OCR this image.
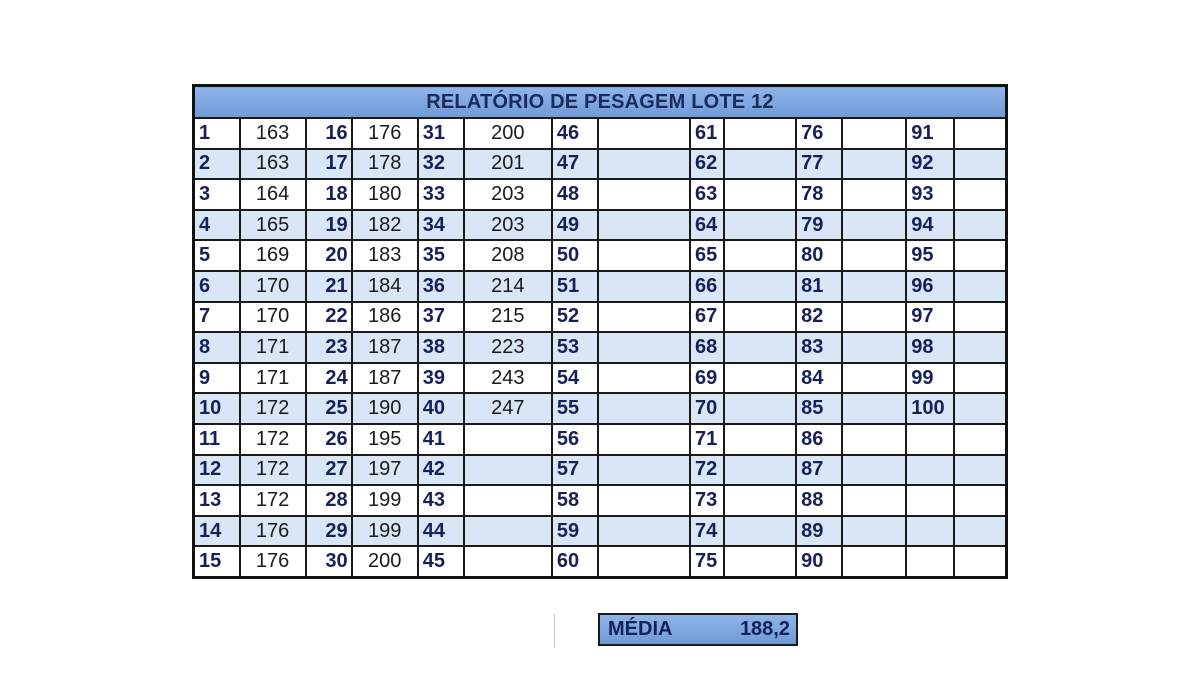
RELATÓRIO DE PESAGEM LOTE 12													
1	163	16	176	31	200	46		61		76		91	
2	163	17	178	32	201	47		62		77		92	
3	164	18	180	33	203	48		63		78		93	
4	165	19	182	34	203	49		64		79		94	
5	169	20	183	35	208	50		65		80		95	
6	170	21	184	36	214	51		66		81		96	
7	170	22	186	37	215	52		67		82		97	
8	171	23	187	38	223	53		68		83		98	
9	171	24	187	39	243	54		69		84		99	
10	172	25	190	40	247	55		70		85		100	
11	172	26	195	41		56		71		86			
12	172	27	197	42		57		72		87			
13	172	28	199	43		58		73		88			
14	176	29	199	44		59		74		89			
15	176	30	200	45		60		75		90			
MÉDIA	188,2
